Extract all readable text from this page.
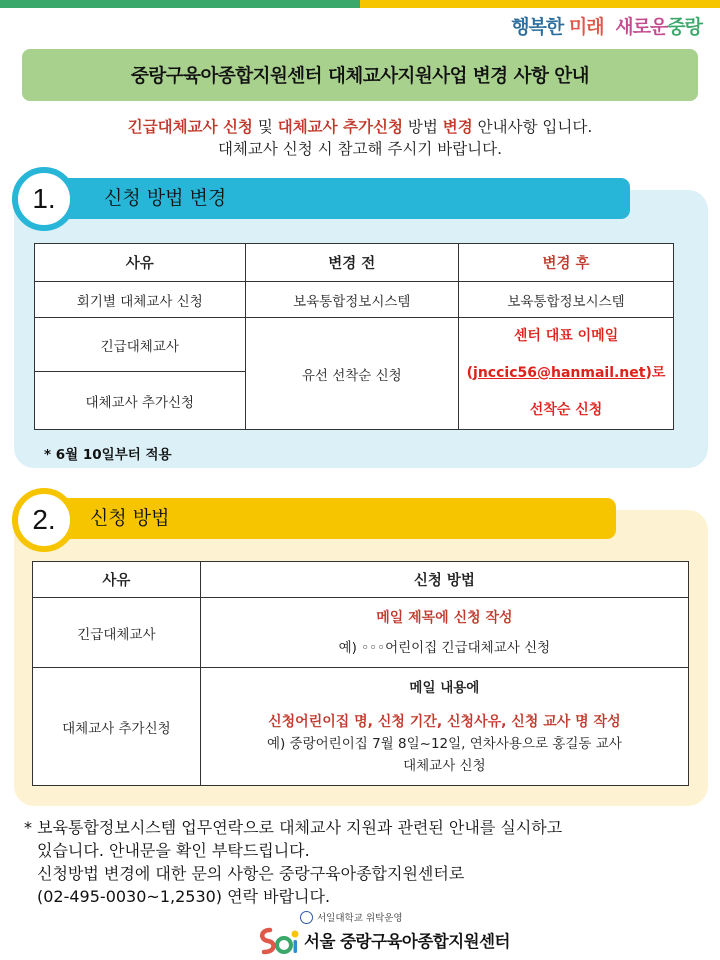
행복한 미래 새로운중랑
중랑구육아종합지원센터 대체교사지원사업 변경 사항 안내
긴급대체교사 신청 및 대체교사 추가신청 방법 변경 안내사항 입니다.
대체교사 신청 시 참고해 주시기 바랍니다.
신청 방법 변경
1.
사유	변경 전	변경 후
회기별 대체교사 신청	보육통합정보시스템	보육통합정보시스템
긴급대체교사	유선 선착순 신청	센터 대표 이메일
(jnccic56@hanmail.net)로
선착순 신청

대체교사 추가신청		
* 6월 10일부터 적용
신청 방법
2.
사유	신청 방법
긴급대체교사	메일 제목에 신청 작성
예) ◦◦◦어린이집 긴급대체교사 신청

대체교사 추가신청	메일 내용에
신청어린이집 명, 신청 기간, 신청사유, 신청 교사 명 작성
예) 중랑어린이집 7월 8일~12일, 연차사용으로 홍길동 교사
대체교사 신청
* 보육통합정보시스템 업무연락으로 대체교사 지원과 관련된 안내를 실시하고
있습니다. 안내문을 확인 부탁드립니다.
신청방법 변경에 대한 문의 사항은 중랑구육아종합지원센터로
(02-495-0030~1,2530) 연락 바랍니다.
서일대학교 위탁운영
서울 중랑구육아종합지원센터
